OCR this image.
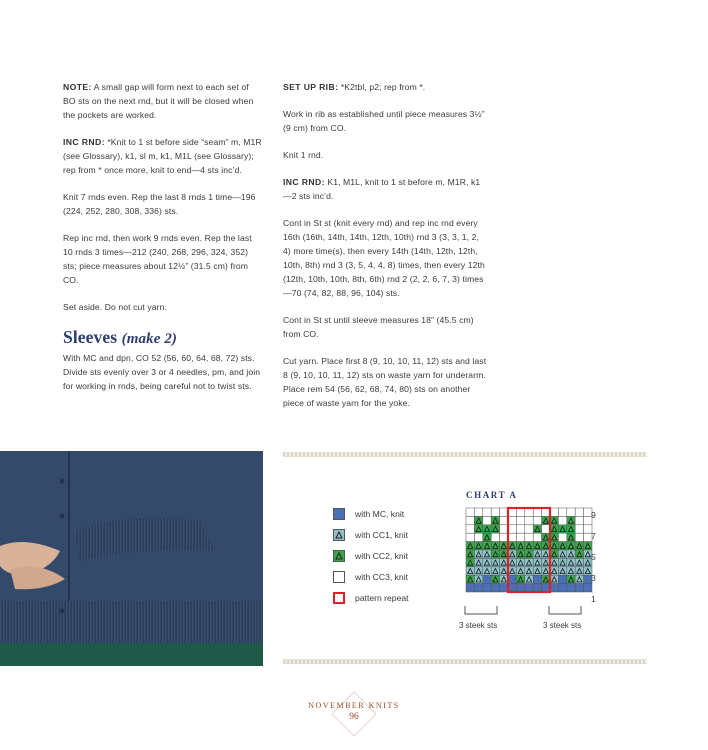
NOTE: A small gap will form next to each set of BO sts on the next rnd, but it will be closed when the pockets are worked.

INC RND: *Knit to 1 st before side “seam” m, M1R (see Glossary), k1, sl m, k1, M1L (see Glossary); rep from * once more, knit to end—4 sts inc’d.

Knit 7 rnds even. Rep the last 8 rnds 1 time—196 (224, 252, 280, 308, 336) sts.

Rep inc rnd, then work 9 rnds even. Rep the last 10 rnds 3 times—212 (240, 268, 296, 324, 352) sts; piece measures about 12½” (31.5 cm) from CO.

Set aside. Do not cut yarn.

Sleeves (make 2)

With MC and dpn, CO 52 (56, 60, 64, 68, 72) sts. Divide sts evenly over 3 or 4 needles, pm, and join for working in rnds, being careful not to twist sts.

SET UP RIB: *K2tbl, p2; rep from *.

Work in rib as established until piece measures 3½” (9 cm) from CO.

Knit 1 rnd.

INC RND: K1, M1L, knit to 1 st before m, M1R, k1—2 sts inc’d.

Cont in St st (knit every rnd) and rep inc rnd every 16th (16th, 14th, 14th, 12th, 10th) rnd 3 (3, 3, 1, 2, 4) more time(s), then every 14th (14th, 12th, 12th, 10th, 8th) rnd 3 (3, 5, 4, 4, 8) times, then every 12th (12th, 10th, 10th, 8th, 6th) rnd 2 (2, 2, 6, 7, 3) times—70 (74, 82, 88, 96, 104) sts.

Cont in St st until sleeve measures 18” (45.5 cm) from CO.

Cut yarn. Place first 8 (9, 10, 10, 11, 12) sts and last 8 (9, 10, 10, 11, 12) sts on waste yarn for underarm. Place rem 54 (56, 62, 68, 74, 80) sts on another piece of waste yarn for the yoke.

CHART A
with MC, knit
with CC1, knit
with CC2, knit
with CC3, knit
pattern repeat
9
7
5
3
1
3 steek sts	3 steek sts
NOVEMBER KNITS
96
